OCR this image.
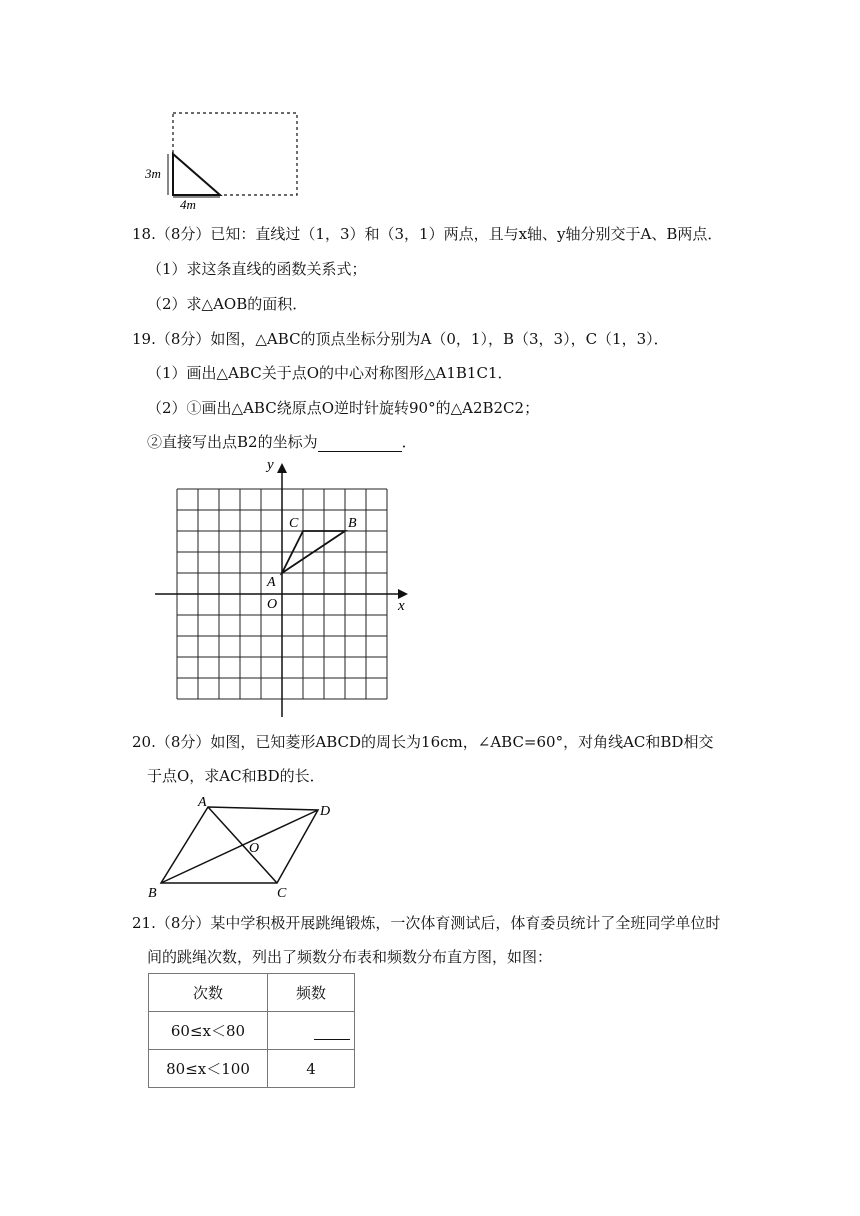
3m
4m
18.（8分）已知：直线过（1，3）和（3，1）两点，且与x轴、y轴分别交于A、B两点．
（1）求这条直线的函数关系式；
（2）求△AOB的面积．
19.（8分）如图，△ABC的顶点坐标分别为A（0，1），B（3，3），C（1，3）．
（1）画出△ABC关于点O的中心对称图形△A1B1C1．
（2）①画出△ABC绕原点O逆时针旋转90°的△A2B2C2；
②直接写出点B2的坐标为	．
y
x
C	B
A
O
20.（8分）如图，已知菱形ABCD的周长为16cm，∠ABC=60°，对角线AC和BD相交
于点O，求AC和BD的长．
A
D
O
B	C
21.（8分）某中学积极开展跳绳锻炼，一次体育测试后，体育委员统计了全班同学单位时
间的跳绳次数，列出了频数分布表和频数分布直方图，如图：
次数	频数
60≤x＜80	
80≤x＜100	4
